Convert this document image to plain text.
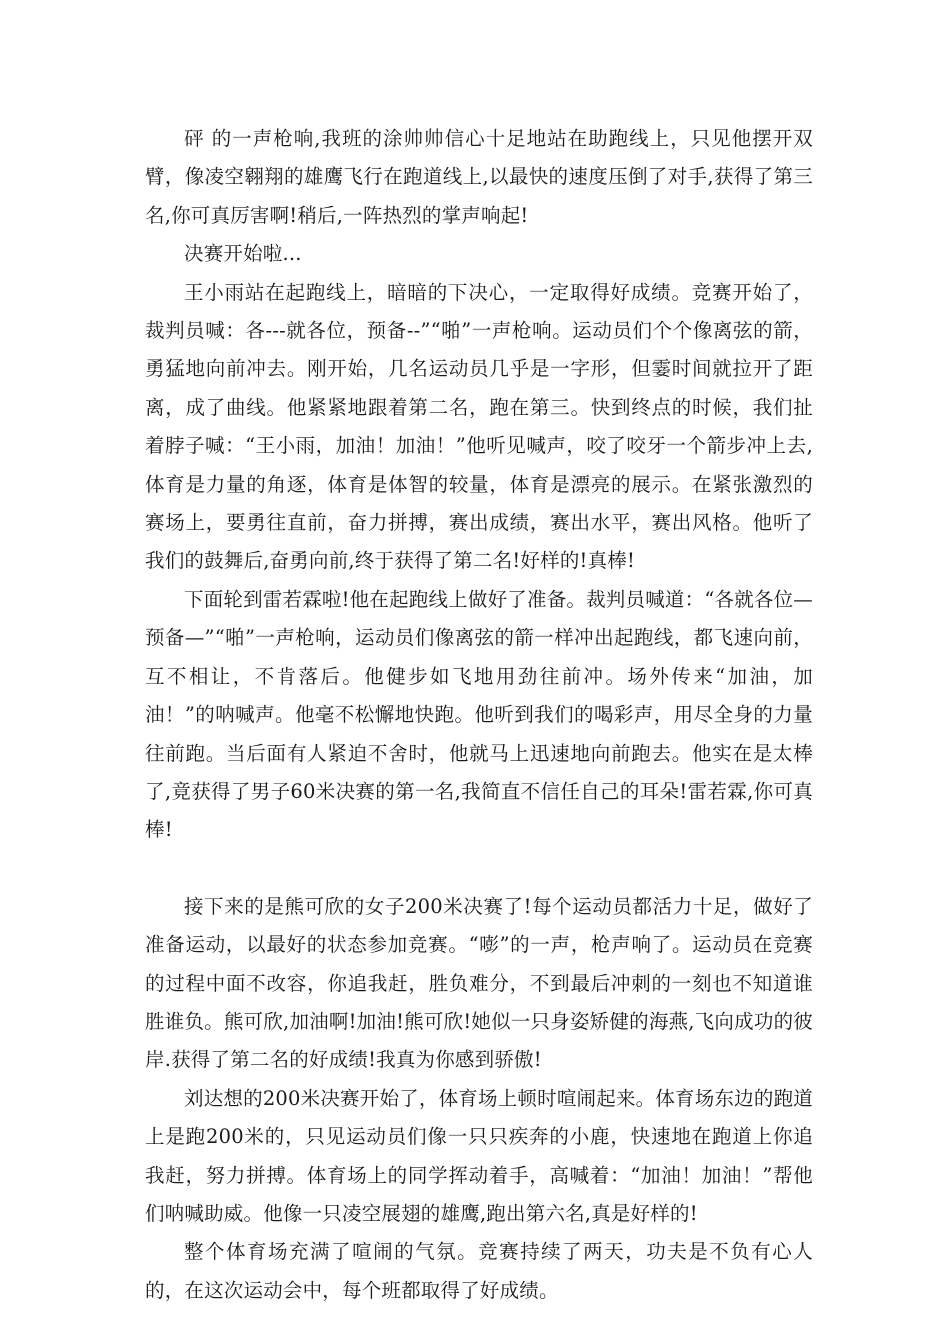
砰 的一声枪响,我班的涂帅帅信心十足地站在助跑线上，只见他摆开双臂，像凌空翱翔的雄鹰飞行在跑道线上,以最快的速度压倒了对手,获得了第三名,你可真厉害啊!稍后,一阵热烈的掌声响起!

决赛开始啦...

王小雨站在起跑线上，暗暗的下决心，一定取得好成绩。竞赛开始了，裁判员喊：各---就各位，预备--”“啪”一声枪响。运动员们个个像离弦的箭，勇猛地向前冲去。刚开始，几名运动员几乎是一字形，但霎时间就拉开了距离，成了曲线。他紧紧地跟着第二名，跑在第三。快到终点的时候，我们扯着脖子喊：“王小雨，加油！加油！”他听见喊声，咬了咬牙一个箭步冲上去,体育是力量的角逐，体育是体智的较量，体育是漂亮的展示。在紧张激烈的赛场上，要勇往直前，奋力拼搏，赛出成绩，赛出水平，赛出风格。他听了我们的鼓舞后,奋勇向前,终于获得了第二名!好样的!真棒!

下面轮到雷若霖啦!他在起跑线上做好了准备。裁判员喊道：“各就各位—预备—”“啪”一声枪响，运动员们像离弦的箭一样冲出起跑线，都飞速向前，互不相让，不肯落后。他健步如飞地用劲往前冲。场外传来“加油，加油！”的呐喊声。他毫不松懈地快跑。他听到我们的喝彩声，用尽全身的力量往前跑。当后面有人紧迫不舍时，他就马上迅速地向前跑去。他实在是太棒了,竟获得了男子60米决赛的第一名,我简直不信任自己的耳朵!雷若霖,你可真棒!

接下来的是熊可欣的女子200米决赛了!每个运动员都活力十足，做好了准备运动，以最好的状态参加竞赛。“嘭”的一声，枪声响了。运动员在竞赛的过程中面不改容，你追我赶，胜负难分，不到最后冲刺的一刻也不知道谁胜谁负。熊可欣,加油啊!加油!熊可欣!她似一只身姿矫健的海燕,飞向成功的彼岸.获得了第二名的好成绩!我真为你感到骄傲!

刘达想的200米决赛开始了，体育场上顿时喧闹起来。体育场东边的跑道上是跑200米的，只见运动员们像一只只疾奔的小鹿，快速地在跑道上你追我赶，努力拼搏。体育场上的同学挥动着手，高喊着：“加油！加油！”帮他们呐喊助威。他像一只凌空展翅的雄鹰,跑出第六名,真是好样的!

整个体育场充满了喧闹的气氛。竞赛持续了两天，功夫是不负有心人的，在这次运动会中，每个班都取得了好成绩。
